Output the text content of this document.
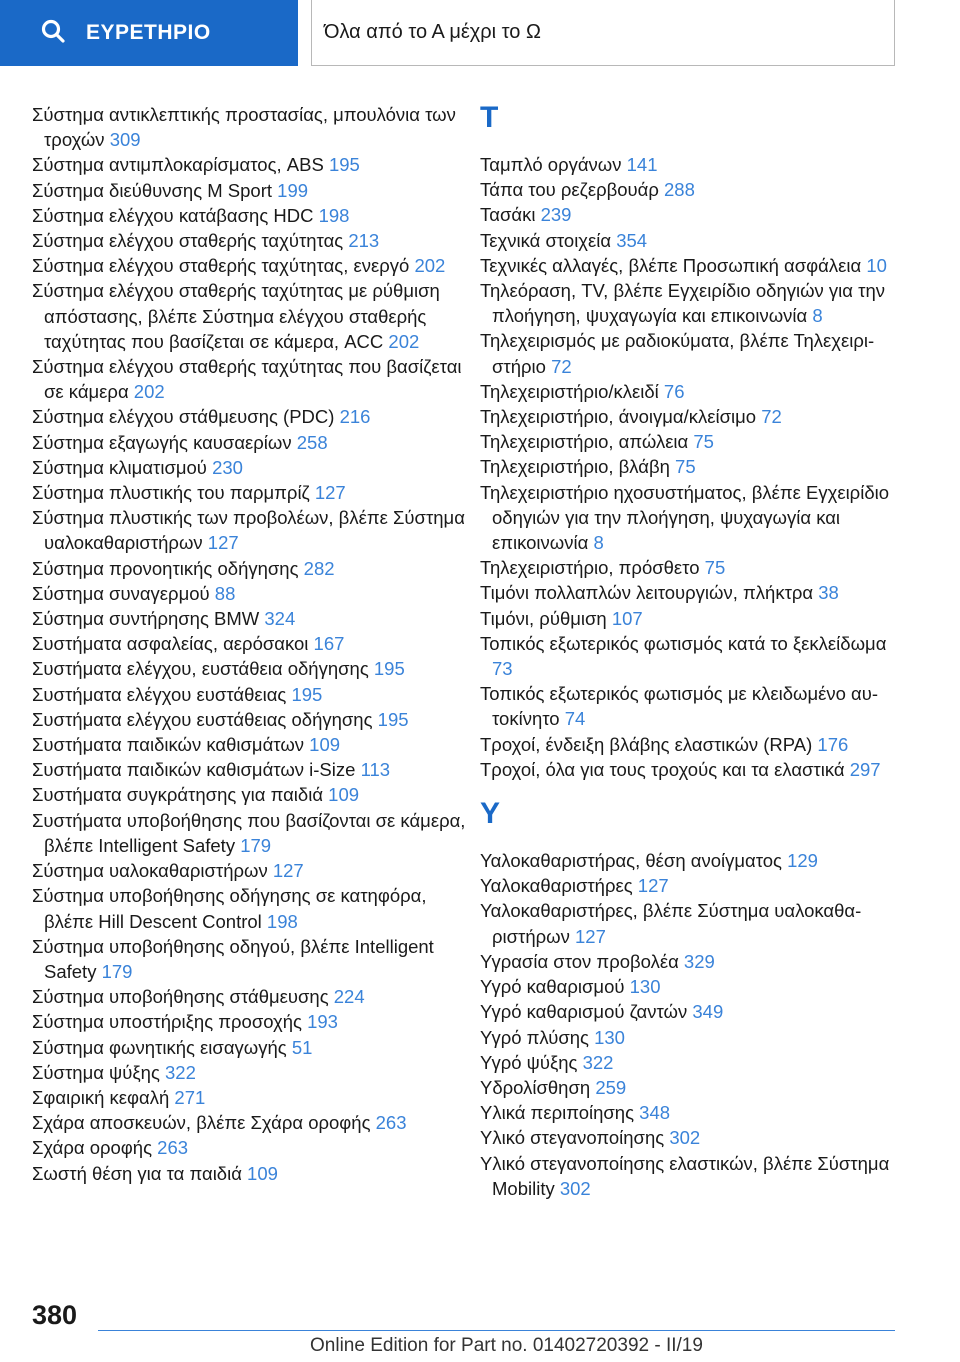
ΕΥΡΕΤΗΡΙΟ	Όλα από το Α μέχρι το Ω
Σύστημα αντικλεπτικής προστασίας, μπουλόνια των τροχών 309
Σύστημα αντιμπλοκαρίσματος, ABS 195
Σύστημα διεύθυνσης M Sport 199
Σύστημα ελέγχου κατάβασης HDC 198
Σύστημα ελέγχου σταθερής ταχύτητας 213
Σύστημα ελέγχου σταθερής ταχύτητας, ενεργό 202
Σύστημα ελέγχου σταθερής ταχύτητας με ρύθμιση απόστασης, βλέπε Σύστημα ελέγχου σταθερής ταχύτητας που βασίζεται σε κάμερα, ACC 202
Σύστημα ελέγχου σταθερής ταχύτητας που βασίζεται σε κάμερα 202
Σύστημα ελέγχου στάθμευσης (PDC) 216
Σύστημα εξαγωγής καυσαερίων 258
Σύστημα κλιματισμού 230
Σύστημα πλυστικής του παρμπρίζ 127
Σύστημα πλυστικής των προβολέων, βλέπε Σύστημα υαλοκαθαριστήρων 127
Σύστημα προνοητικής οδήγησης 282
Σύστημα συναγερμού 88
Σύστημα συντήρησης BMW 324
Συστήματα ασφαλείας, αερόσακοι 167
Συστήματα ελέγχου, ευστάθεια οδήγησης 195
Συστήματα ελέγχου ευστάθειας 195
Συστήματα ελέγχου ευστάθειας οδήγησης 195
Συστήματα παιδικών καθισμάτων 109
Συστήματα παιδικών καθισμάτων i-Size 113
Συστήματα συγκράτησης για παιδιά 109
Συστήματα υποβοήθησης που βασίζονται σε κάμερα, βλέπε Intelligent Safety 179
Σύστημα υαλοκαθαριστήρων 127
Σύστημα υποβοήθησης οδήγησης σε κατηφόρα, βλέπε Hill Descent Control 198
Σύστημα υποβοήθησης οδηγού, βλέπε Intelligent Safety 179
Σύστημα υποβοήθησης στάθμευσης 224
Σύστημα υποστήριξης προσοχής 193
Σύστημα φωνητικής εισαγωγής 51
Σύστημα ψύξης 322
Σφαιρική κεφαλή 271
Σχάρα αποσκευών, βλέπε Σχάρα οροφής 263
Σχάρα οροφής 263
Σωστή θέση για τα παιδιά 109
T
Ταμπλό οργάνων 141
Τάπα του ρεζερβουάρ 288
Τασάκι 239
Τεχνικά στοιχεία 354
Τεχνικές αλλαγές, βλέπε Προσωπική ασφάλεια 10
Τηλεόραση, TV, βλέπε Εγχειρίδιο οδηγιών για την πλοήγηση, ψυχαγωγία και επικοινωνία 8
Τηλεχειρισμός με ραδιοκύματα, βλέπε Τηλεχειριστήριο 72
Τηλεχειριστήριο/κλειδί 76
Τηλεχειριστήριο, άνοιγμα/κλείσιμο 72
Τηλεχειριστήριο, απώλεια 75
Τηλεχειριστήριο, βλάβη 75
Τηλεχειριστήριο ηχοσυστήματος, βλέπε Εγχειρίδιο οδηγιών για την πλοήγηση, ψυχαγωγία και επικοινωνία 8
Τηλεχειριστήριο, πρόσθετο 75
Τιμόνι πολλαπλών λειτουργιών, πλήκτρα 38
Τιμόνι, ρύθμιση 107
Τοπικός εξωτερικός φωτισμός κατά το ξεκλείδωμα 73
Τοπικός εξωτερικός φωτισμός με κλειδωμένο αυτοκίνητο 74
Τροχοί, ένδειξη βλάβης ελαστικών (RPA) 176
Τροχοί, όλα για τους τροχούς και τα ελαστικά 297
Y
Υαλοκαθαριστήρας, θέση ανοίγματος 129
Υαλοκαθαριστήρες 127
Υαλοκαθαριστήρες, βλέπε Σύστημα υαλοκαθαριστήρων 127
Υγρασία στον προβολέα 329
Υγρό καθαρισμού 130
Υγρό καθαρισμού ζαντών 349
Υγρό πλύσης 130
Υγρό ψύξης 322
Υδρολίσθηση 259
Υλικά περιποίησης 348
Υλικό στεγανοποίησης 302
Υλικό στεγανοποίησης ελαστικών, βλέπε Σύστημα Mobility 302
380
Online Edition for Part no. 01402720392 - II/19
